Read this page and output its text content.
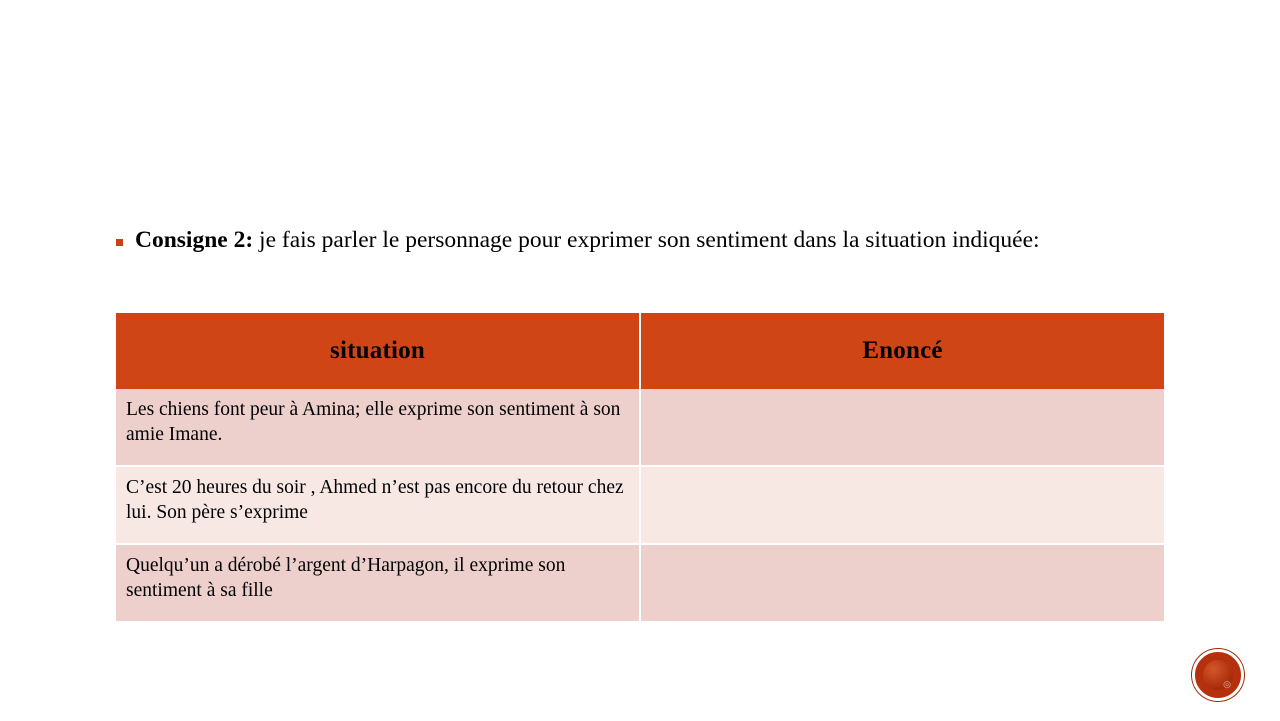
Consigne 2: je fais parler le personnage pour exprimer son sentiment dans la situation indiquée:
situation	Enoncé
Les chiens font peur à Amina; elle exprime son sentiment à son amie Imane.	
C’est 20 heures du soir , Ahmed n’est pas encore du retour chez lui. Son père s’exprime	
Quelqu’un a dérobé l’argent d’Harpagon, il exprime son sentiment à sa fille	
◎
